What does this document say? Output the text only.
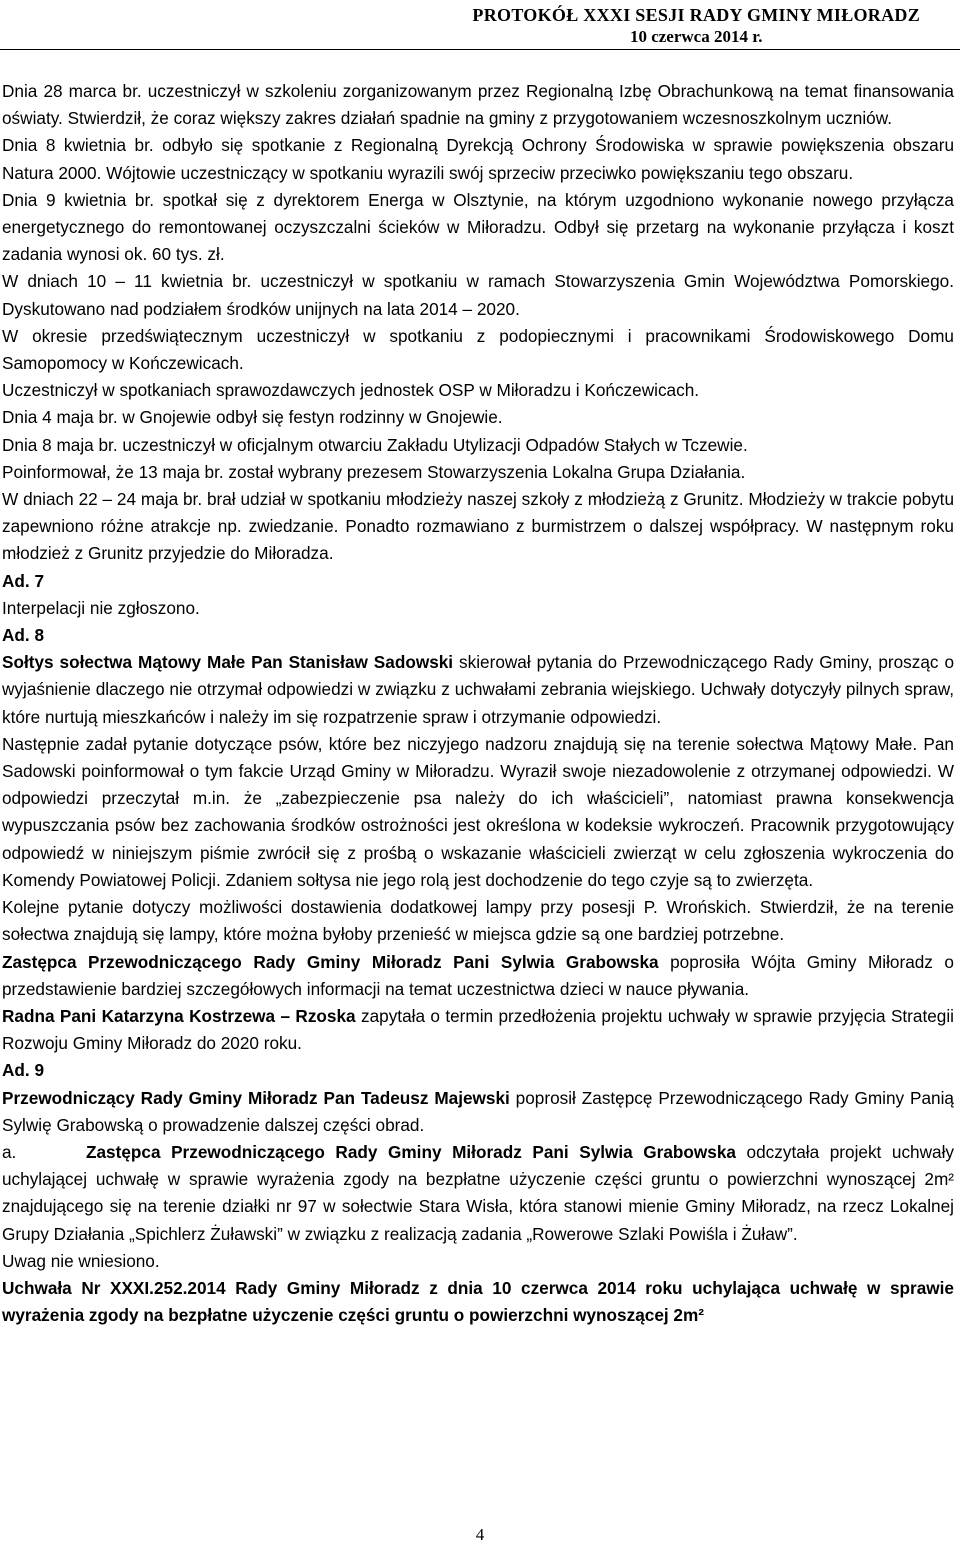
PROTOKÓŁ XXXI SESJI RADY GMINY MIŁORADZ
10 czerwca 2014 r.

Dnia 28 marca br. uczestniczył w szkoleniu zorganizowanym przez Regionalną Izbę Obrachunkową na temat finansowania oświaty. Stwierdził, że coraz większy zakres działań spadnie na gminy z przygotowaniem wczesnoszkolnym uczniów.

Dnia 8 kwietnia br. odbyło się spotkanie z Regionalną Dyrekcją Ochrony Środowiska w sprawie powiększenia obszaru Natura 2000. Wójtowie uczestniczący w spotkaniu wyrazili swój sprzeciw przeciwko powiększaniu tego obszaru.

Dnia 9 kwietnia br. spotkał się z dyrektorem Energa w Olsztynie, na którym uzgodniono wykonanie nowego przyłącza energetycznego do remontowanej oczyszczalni ścieków w Miłoradzu. Odbył się przetarg na wykonanie przyłącza i koszt zadania wynosi ok. 60 tys. zł.

W dniach 10 – 11 kwietnia br. uczestniczył w spotkaniu w ramach Stowarzyszenia Gmin Województwa Pomorskiego. Dyskutowano nad podziałem środków unijnych na lata 2014 – 2020.

W okresie przedświątecznym uczestniczył w spotkaniu z podopiecznymi i pracownikami Środowiskowego Domu Samopomocy w Kończewicach.

Uczestniczył w spotkaniach sprawozdawczych jednostek OSP w Miłoradzu i Kończewicach.

Dnia 4 maja br. w Gnojewie odbył się festyn rodzinny w Gnojewie.

Dnia 8 maja br. uczestniczył w oficjalnym otwarciu Zakładu Utylizacji Odpadów Stałych w Tczewie.

Poinformował, że 13 maja br. został wybrany prezesem Stowarzyszenia Lokalna Grupa Działania.

W dniach 22 – 24 maja br. brał udział w spotkaniu młodzieży naszej szkoły z młodzieżą z Grunitz. Młodzieży w trakcie pobytu zapewniono różne atrakcje np. zwiedzanie. Ponadto rozmawiano z burmistrzem o dalszej współpracy. W następnym roku młodzież z Grunitz przyjedzie do Miłoradza.

Ad. 7

Interpelacji nie zgłoszono.

Ad. 8

Sołtys sołectwa Mątowy Małe Pan Stanisław Sadowski skierował pytania do Przewodniczącego Rady Gminy, prosząc o wyjaśnienie dlaczego nie otrzymał odpowiedzi w związku z uchwałami zebrania wiejskiego. Uchwały dotyczyły pilnych spraw, które nurtują mieszkańców i należy im się rozpatrzenie spraw i otrzymanie odpowiedzi.

Następnie zadał pytanie dotyczące psów, które bez niczyjego nadzoru znajdują się na terenie sołectwa Mątowy Małe. Pan Sadowski poinformował o tym fakcie Urząd Gminy w Miłoradzu. Wyraził swoje niezadowolenie z otrzymanej odpowiedzi. W odpowiedzi przeczytał m.in. że „zabezpieczenie psa należy do ich właścicieli”, natomiast prawna konsekwencja wypuszczania psów bez zachowania środków ostrożności jest określona w kodeksie wykroczeń. Pracownik przygotowujący odpowiedź w niniejszym piśmie zwrócił się z prośbą o wskazanie właścicieli zwierząt w celu zgłoszenia wykroczenia do Komendy Powiatowej Policji. Zdaniem sołtysa nie jego rolą jest dochodzenie do tego czyje są to zwierzęta.

Kolejne pytanie dotyczy możliwości dostawienia dodatkowej lampy przy posesji P. Wrońskich. Stwierdził, że na terenie sołectwa znajdują się lampy, które można byłoby przenieść w miejsca gdzie są one bardziej potrzebne.

Zastępca Przewodniczącego Rady Gminy Miłoradz Pani Sylwia Grabowska poprosiła Wójta Gminy Miłoradz o przedstawienie bardziej szczegółowych informacji na temat uczestnictwa dzieci w nauce pływania.

Radna Pani Katarzyna Kostrzewa – Rzoska zapytała o termin przedłożenia projektu uchwały w sprawie przyjęcia Strategii Rozwoju Gminy Miłoradz do 2020 roku.

Ad. 9

Przewodniczący Rady Gminy Miłoradz Pan Tadeusz Majewski poprosił Zastępcę Przewodniczącego Rady Gminy Panią Sylwię Grabowską o prowadzenie dalszej części obrad.

a.	Zastępca Przewodniczącego Rady Gminy Miłoradz Pani Sylwia Grabowska odczytała projekt uchwały uchylającej uchwałę w sprawie wyrażenia zgody na bezpłatne użyczenie części gruntu o powierzchni wynoszącej 2m² znajdującego się na terenie działki nr 97 w sołectwie Stara Wisła, która stanowi mienie Gminy Miłoradz, na rzecz Lokalnej Grupy Działania „Spichlerz Żuławski” w związku z realizacją zadania „Rowerowe Szlaki Powiśla i Żuław”.

Uwag nie wniesiono.

Uchwała Nr XXXI.252.2014 Rady Gminy Miłoradz z dnia 10 czerwca 2014 roku uchylająca uchwałę w sprawie wyrażenia zgody na bezpłatne użyczenie części gruntu o powierzchni wynoszącej 2m²

4
